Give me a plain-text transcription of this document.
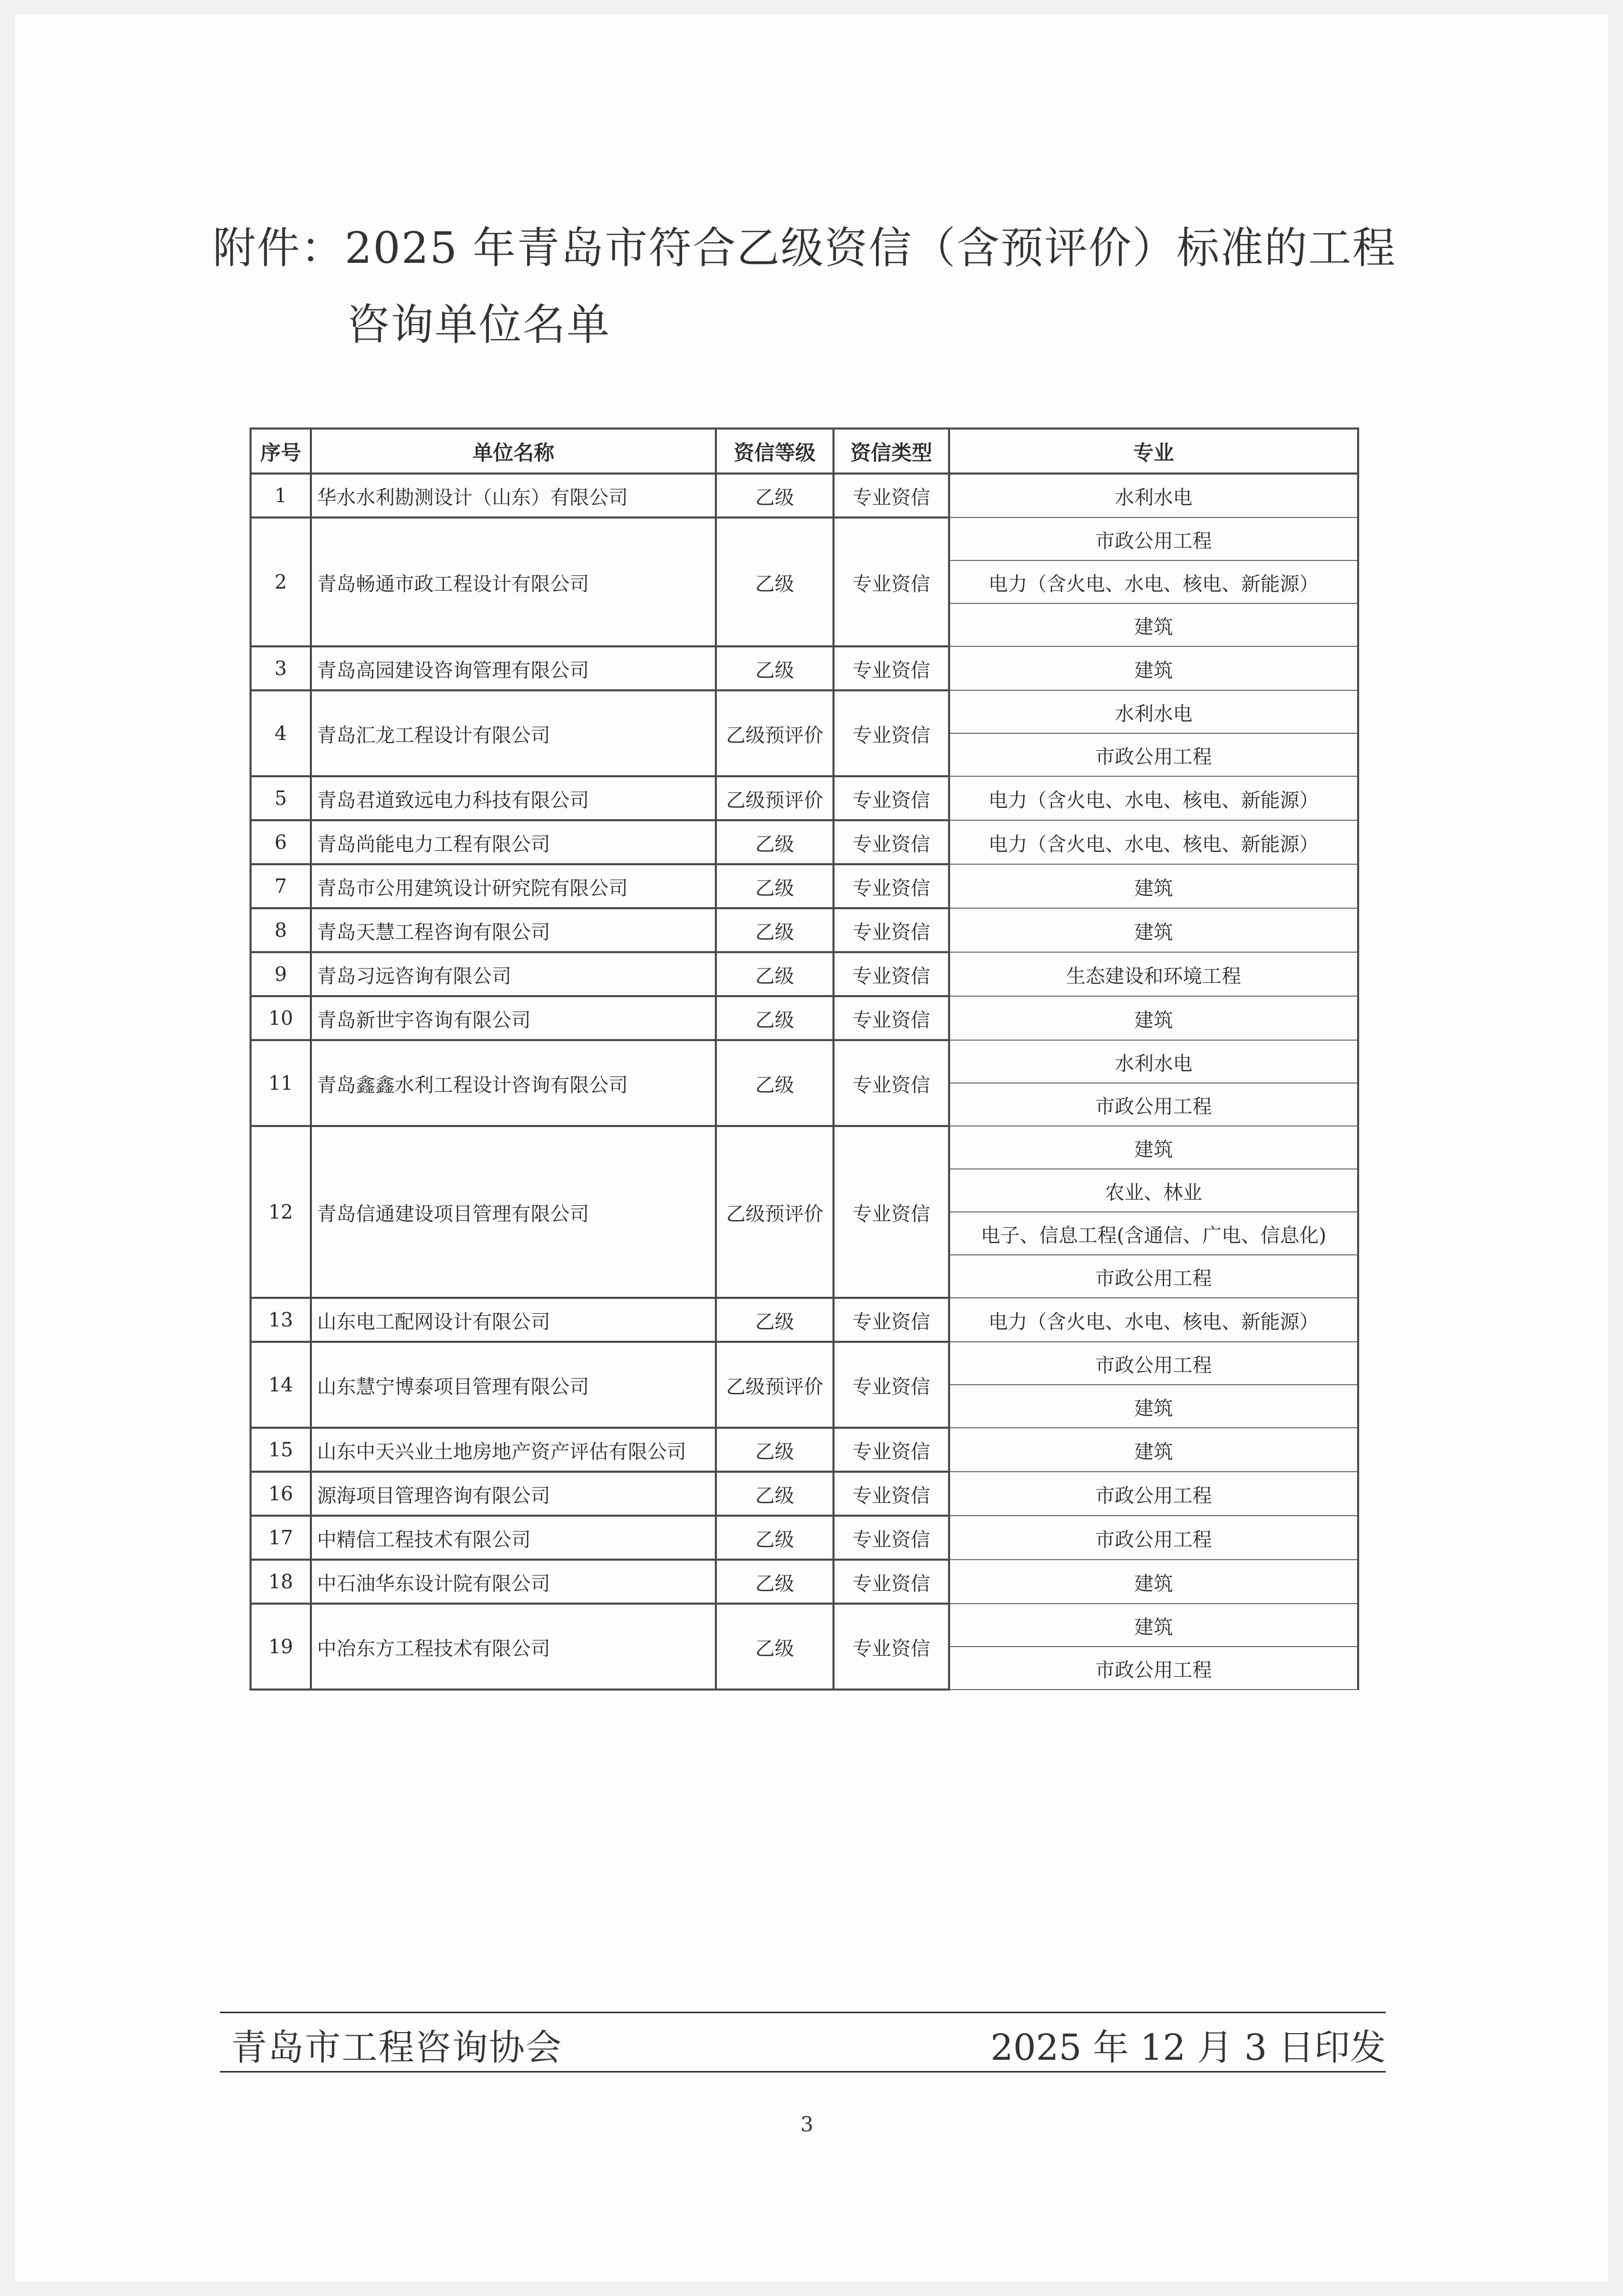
附件：2025 年青岛市符合乙级资信（含预评价）标准的工程
咨询单位名单
序号	单位名称	资信等级	资信类型	专业
1	华水水利勘测设计（山东）有限公司	乙级	专业资信	水利水电
2	青岛畅通市政工程设计有限公司	乙级	专业资信	市政公用工程
				电力（含火电、水电、核电、新能源）
				建筑
3	青岛高园建设咨询管理有限公司	乙级	专业资信	建筑
4	青岛汇龙工程设计有限公司	乙级预评价	专业资信	水利水电
				市政公用工程
5	青岛君道致远电力科技有限公司	乙级预评价	专业资信	电力（含火电、水电、核电、新能源）
6	青岛尚能电力工程有限公司	乙级	专业资信	电力（含火电、水电、核电、新能源）
7	青岛市公用建筑设计研究院有限公司	乙级	专业资信	建筑
8	青岛天慧工程咨询有限公司	乙级	专业资信	建筑
9	青岛习远咨询有限公司	乙级	专业资信	生态建设和环境工程
10	青岛新世宇咨询有限公司	乙级	专业资信	建筑
11	青岛鑫鑫水利工程设计咨询有限公司	乙级	专业资信	水利水电
				市政公用工程
12	青岛信通建设项目管理有限公司	乙级预评价	专业资信	建筑
				农业、林业
				电子、信息工程(含通信、广电、信息化)
				市政公用工程
13	山东电工配网设计有限公司	乙级	专业资信	电力（含火电、水电、核电、新能源）
14	山东慧宁博泰项目管理有限公司	乙级预评价	专业资信	市政公用工程
				建筑
15	山东中天兴业土地房地产资产评估有限公司	乙级	专业资信	建筑
16	源海项目管理咨询有限公司	乙级	专业资信	市政公用工程
17	中精信工程技术有限公司	乙级	专业资信	市政公用工程
18	中石油华东设计院有限公司	乙级	专业资信	建筑
19	中冶东方工程技术有限公司	乙级	专业资信	建筑
				市政公用工程
青岛市工程咨询协会	2025 年 12 月 3 日印发
3
